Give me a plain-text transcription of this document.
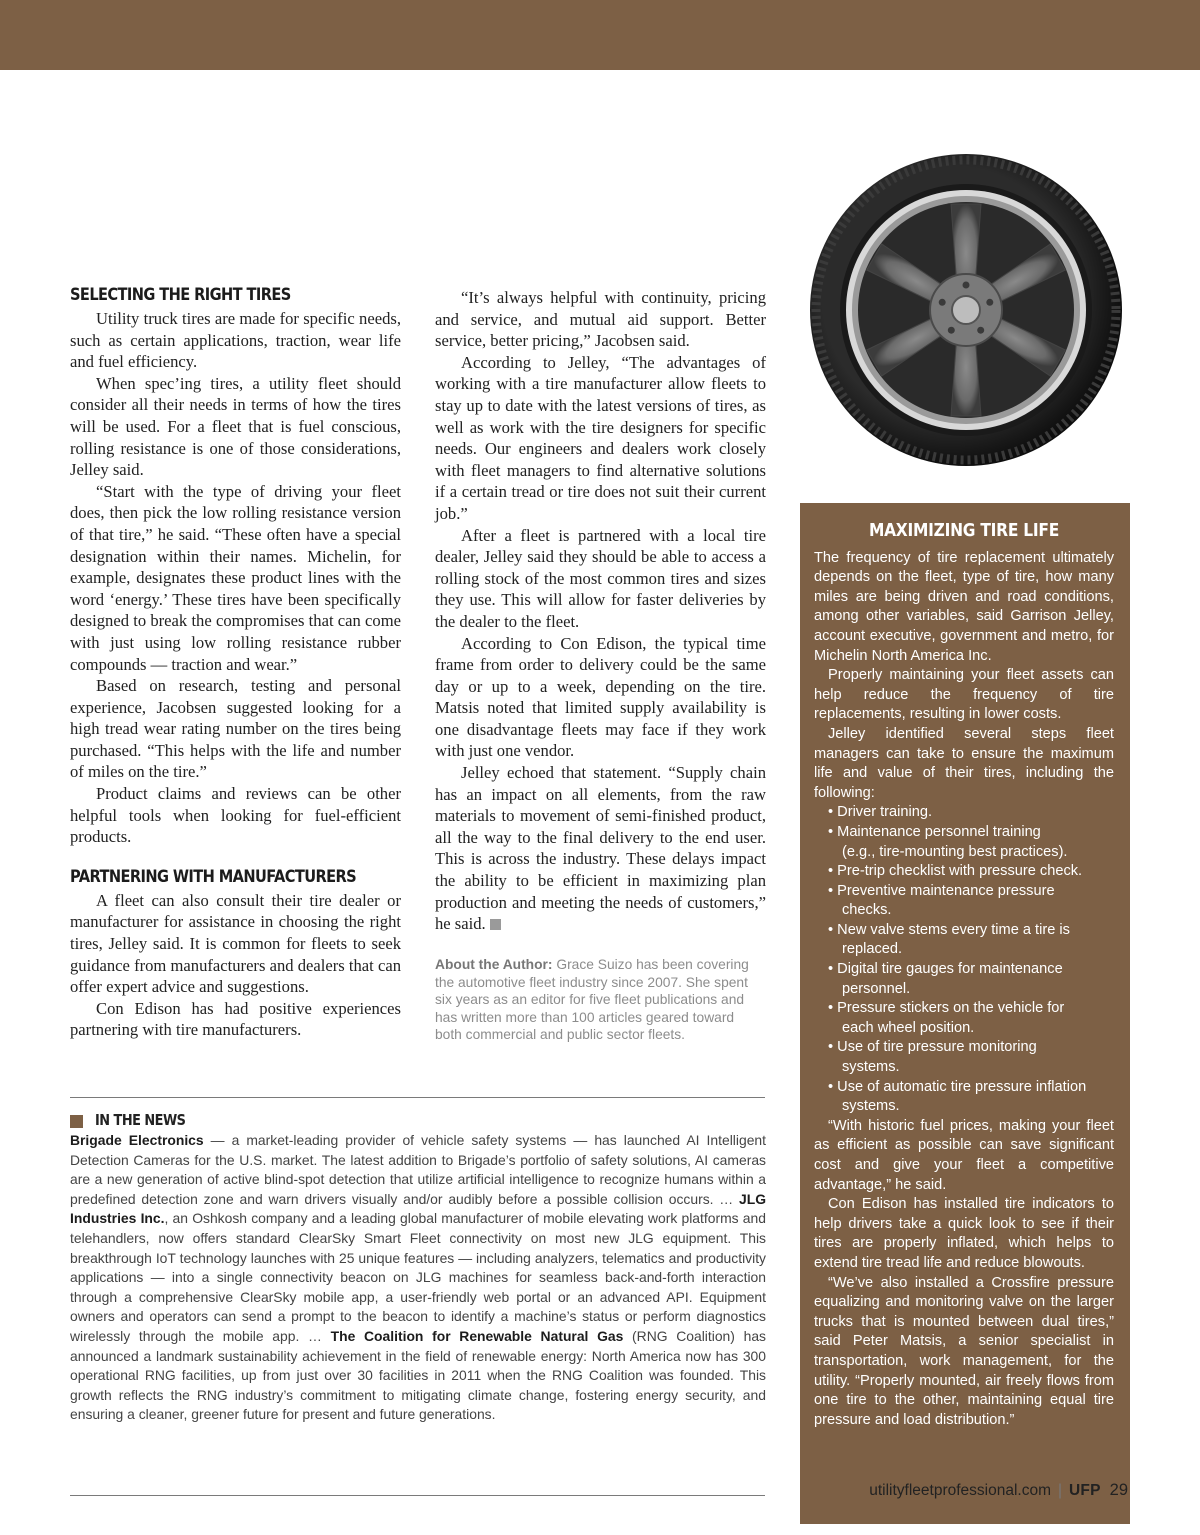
SELECTING THE RIGHT TIRES

Utility truck tires are made for specific needs, such as certain applications, traction, wear life and fuel efficiency.

When spec’ing tires, a utility fleet should consider all their needs in terms of how the tires will be used. For a fleet that is fuel conscious, rolling resistance is one of those considerations, Jelley said.

“Start with the type of driving your fleet does, then pick the low rolling resistance version of that tire,” he said. “These often have a special designation within their names. Michelin, for example, designates these product lines with the word ‘energy.’ These tires have been specifically designed to break the compromises that can come with just using low rolling resistance rubber compounds — traction and wear.”

Based on research, testing and personal experience, Jacobsen suggested looking for a high tread wear rating number on the tires being purchased. “This helps with the life and number of miles on the tire.”

Product claims and reviews can be other helpful tools when looking for fuel-efficient products.

PARTNERING WITH MANUFACTURERS

A fleet can also consult their tire dealer or manufacturer for assistance in choosing the right tires, Jelley said. It is common for fleets to seek guidance from manufacturers and dealers that can offer expert advice and suggestions.

Con Edison has had positive experiences partnering with tire manufacturers.

“It’s always helpful with continuity, pricing and service, and mutual aid support. Better service, better pricing,” Jacobsen said.

According to Jelley, “The advantages of working with a tire manufacturer allow fleets to stay up to date with the latest versions of tires, as well as work with the tire designers for specific needs. Our engineers and dealers work closely with fleet managers to find alternative solutions if a certain tread or tire does not suit their current job.”

After a fleet is partnered with a local tire dealer, Jelley said they should be able to access a rolling stock of the most common tires and sizes they use. This will allow for faster deliveries by the dealer to the fleet.

According to Con Edison, the typical time frame from order to delivery could be the same day or up to a week, depending on the tire. Matsis noted that limited supply availability is one disadvantage fleets may face if they work with just one vendor.

Jelley echoed that statement. “Supply chain has an impact on all elements, from the raw materials to movement of semi-finished product, all the way to the final delivery to the end user. This is across the industry. These delays impact the ability to be efficient in maximizing plan production and meeting the needs of customers,” he said.

About the Author: Grace Suizo has been covering the automotive fleet industry since 2007. She spent six years as an editor for five fleet publications and has written more than 100 articles geared toward both commercial and public sector fleets.
IN THE NEWS
Brigade Electronics — a market-leading provider of vehicle safety systems — has launched AI Intelligent Detection Cameras for the U.S. market. The latest addition to Brigade’s portfolio of safety solutions, AI cameras are a new generation of active blind-spot detection that utilize artificial intelligence to recognize humans within a predefined detection zone and warn drivers visually and/or audibly before a possible collision occurs. … JLG Industries Inc., an Oshkosh company and a leading global manufacturer of mobile elevating work platforms and telehandlers, now offers standard ClearSky Smart Fleet connectivity on most new JLG equipment. This breakthrough IoT technology launches with 25 unique features — including analyzers, telematics and productivity applications — into a single connectivity beacon on JLG machines for seamless back-and-forth interaction through a comprehensive ClearSky mobile app, a user-friendly web portal or an advanced API. Equipment owners and operators can send a prompt to the beacon to identify a machine’s status or perform diagnostics wirelessly through the mobile app. … The Coalition for Renewable Natural Gas (RNG Coalition) has announced a landmark sustainability achievement in the field of renewable energy: North America now has 300 operational RNG facilities, up from just over 30 facilities in 2011 when the RNG Coalition was founded. This growth reflects the RNG industry’s commitment to mitigating climate change, fostering energy security, and ensuring a cleaner, greener future for present and future generations.
MAXIMIZING TIRE LIFE

The frequency of tire replacement ultimately depends on the fleet, type of tire, how many miles are being driven and road conditions, among other variables, said Garrison Jelley, account executive, government and metro, for Michelin North America Inc.

Properly maintaining your fleet assets can help reduce the frequency of tire replacements, resulting in lower costs.

Jelley identified several steps fleet managers can take to ensure the maximum life and value of their tires, including the following:

• Driver training.
• Maintenance personnel training
(e.g., tire-mounting best practices).
• Pre-trip checklist with pressure check.
• Preventive maintenance pressure
checks.
• New valve stems every time a tire is
replaced.
• Digital tire gauges for maintenance
personnel.
• Pressure stickers on the vehicle for
each wheel position.
• Use of tire pressure monitoring
systems.
• Use of automatic tire pressure inflation
systems.

“With historic fuel prices, making your fleet as efficient as possible can save significant cost and give your fleet a competitive advantage,” he said.

Con Edison has installed tire indicators to help drivers take a quick look to see if their tires are properly inflated, which helps to extend tire tread life and reduce blowouts.

“We’ve also installed a Crossfire pressure equalizing and monitoring valve on the larger trucks that is mounted between dual tires,” said Peter Matsis, a senior specialist in transportation, work management, for the utility. “Properly mounted, air freely flows from one tire to the other, maintaining equal tire pressure and load distribution.”

utilityfleetprofessional.com | UFP 29
